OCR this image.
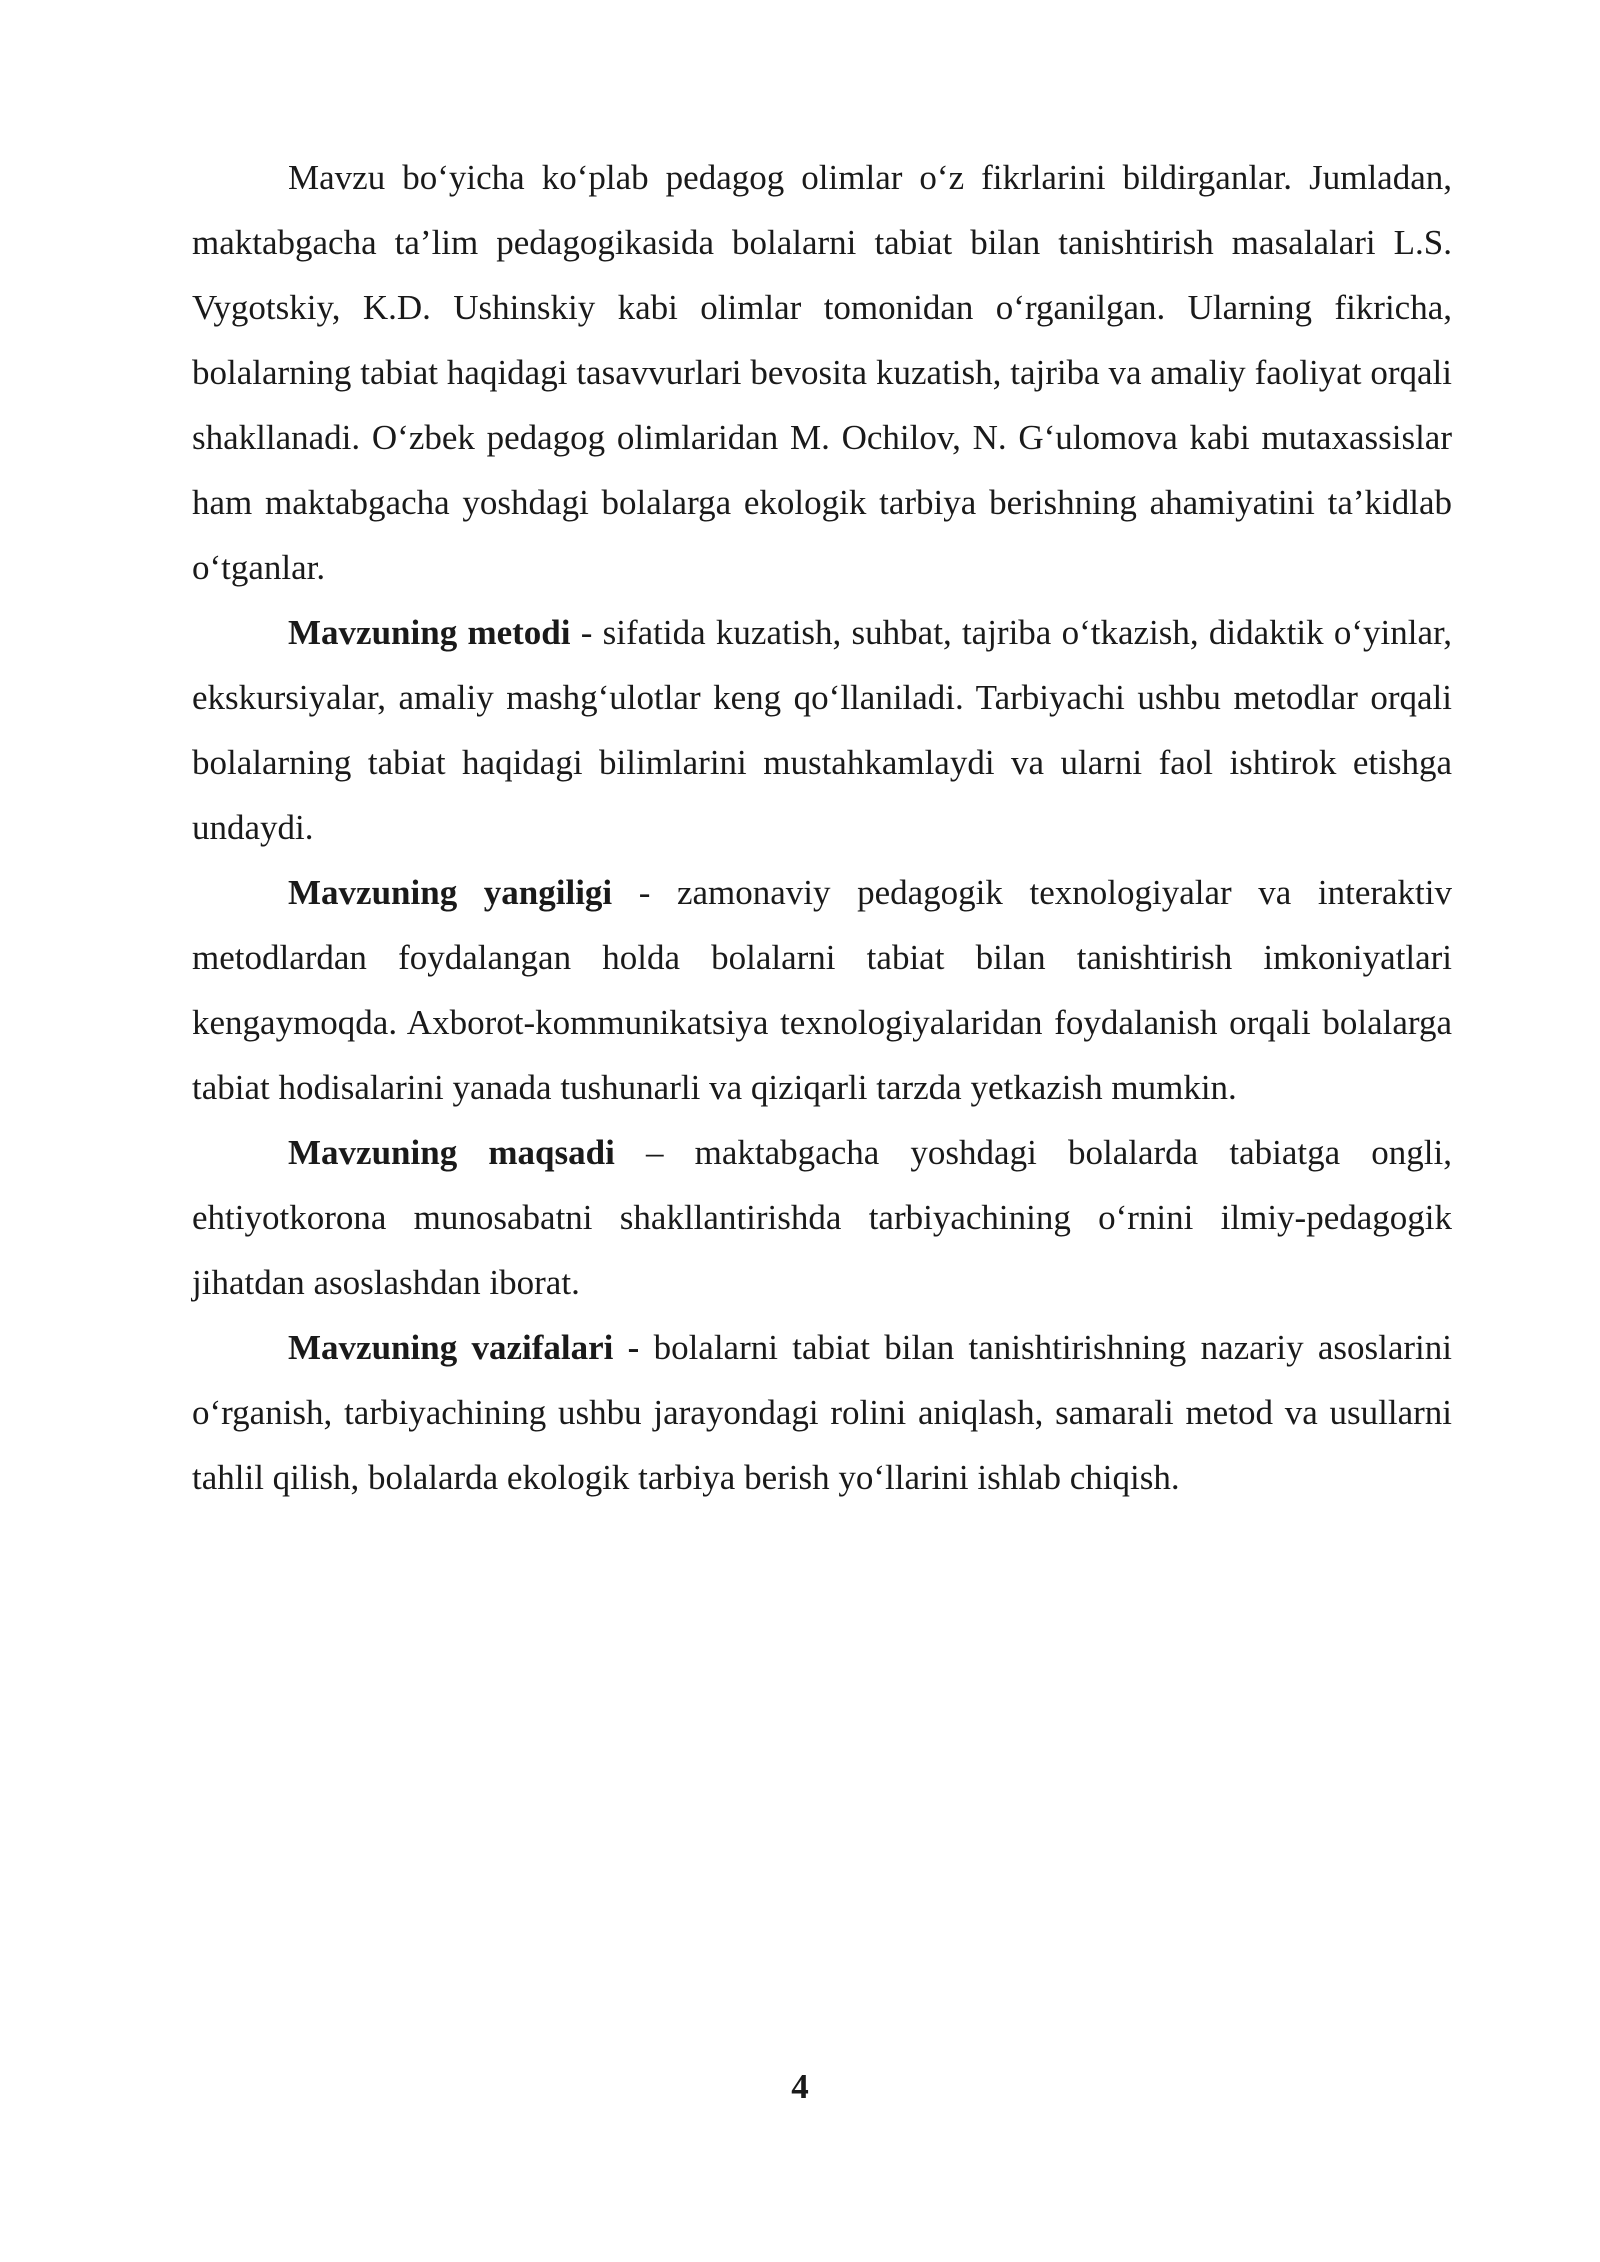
Mavzu boʻyicha koʻplab pedagog olimlar oʻz fikrlarini bildirganlar. Jumladan, maktabgacha ta’lim pedagogikasida bolalarni tabiat bilan tanishtirish masalalari L.S. Vygotskiy, K.D. Ushinskiy kabi olimlar tomonidan oʻrganilgan. Ularning fikricha, bolalarning tabiat haqidagi tasavvurlari bevosita kuzatish, tajriba va amaliy faoliyat orqali shakllanadi. Oʻzbek pedagog olimlaridan M. Ochilov, N. Gʻulomova kabi mutaxassislar ham maktabgacha yoshdagi bolalarga ekologik tarbiya berishning ahamiyatini ta’kidlab oʻtganlar.

Mavzuning metodi - sifatida kuzatish, suhbat, tajriba oʻtkazish, didaktik oʻyinlar, ekskursiyalar, amaliy mashgʻulotlar keng qoʻllaniladi. Tarbiyachi ushbu metodlar orqali bolalarning tabiat haqidagi bilimlarini mustahkamlaydi va ularni faol ishtirok etishga undaydi.

Mavzuning yangiligi - zamonaviy pedagogik texnologiyalar va interaktiv metodlardan foydalangan holda bolalarni tabiat bilan tanishtirish imkoniyatlari kengaymoqda. Axborot-kommunikatsiya texnologiyalaridan foydalanish orqali bolalarga tabiat hodisalarini yanada tushunarli va qiziqarli tarzda yetkazish mumkin.

Mavzuning maqsadi – maktabgacha yoshdagi bolalarda tabiatga ongli, ehtiyotkorona munosabatni shakllantirishda tarbiyachining oʻrnini ilmiy-pedagogik jihatdan asoslashdan iborat.

Mavzuning vazifalari - bolalarni tabiat bilan tanishtirishning nazariy asoslarini oʻrganish, tarbiyachining ushbu jarayondagi rolini aniqlash, samarali metod va usullarni tahlil qilish, bolalarda ekologik tarbiya berish yoʻllarini ishlab chiqish.

4
